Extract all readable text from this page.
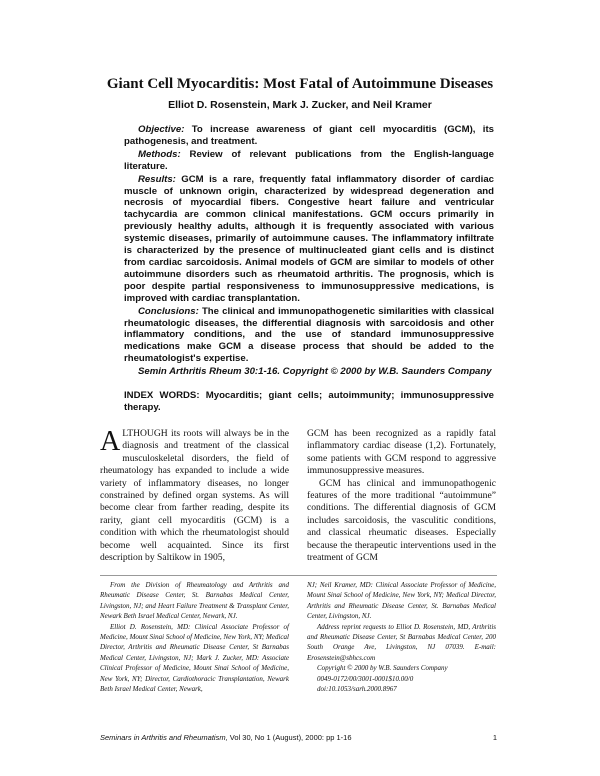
Giant Cell Myocarditis: Most Fatal of Autoimmune Diseases
Elliot D. Rosenstein, Mark J. Zucker, and Neil Kramer

Objective: To increase awareness of giant cell myocarditis (GCM), its pathogenesis, and treatment.

Methods: Review of relevant publications from the English-language literature.

Results: GCM is a rare, frequently fatal inflammatory disorder of cardiac muscle of unknown origin, characterized by widespread degeneration and necrosis of myocardial fibers. Congestive heart failure and ventricular tachycardia are common clinical manifestations. GCM occurs primarily in previously healthy adults, although it is frequently associated with various systemic diseases, primarily of autoimmune causes. The inflammatory infiltrate is characterized by the presence of multinucleated giant cells and is distinct from cardiac sarcoidosis. Animal models of GCM are similar to models of other autoimmune disorders such as rheumatoid arthritis. The prognosis, which is poor despite partial responsiveness to immunosuppressive medications, is improved with cardiac transplantation.

Conclusions: The clinical and immunopathogenetic similarities with classical rheumatologic diseases, the differential diagnosis with sarcoidosis and other inflammatory conditions, and the use of standard immunosuppressive medications make GCM a disease process that should be added to the rheumatologist's expertise.

Semin Arthritis Rheum 30:1-16. Copyright © 2000 by W.B. Saunders Company

INDEX WORDS: Myocarditis; giant cells; autoimmunity; immunosuppressive therapy.

ALTHOUGH its roots will always be in the diagnosis and treatment of the classical musculoskeletal disorders, the field of rheumatology has expanded to include a wide variety of inflammatory diseases, no longer constrained by defined organ systems. As will become clear from farther reading, despite its rarity, giant cell myocarditis (GCM) is a condition with which the rheumatologist should become well acquainted. Since its first description by Saltikow in 1905,

GCM has been recognized as a rapidly fatal inflammatory cardiac disease (1,2). Fortunately, some patients with GCM respond to aggressive immunosuppressive measures.

GCM has clinical and immunopathogenic features of the more traditional “autoimmune” conditions. The differential diagnosis of GCM includes sarcoidosis, the vasculitic conditions, and classical rheumatic diseases. Especially because the therapeutic interventions used in the treatment of GCM

From the Division of Rheumatology and Arthritis and Rheumatic Disease Center, St. Barnabas Medical Center, Livingston, NJ; and Heart Failure Treatment & Transplant Center, Newark Beth Israel Medical Center, Newark, NJ.

Elliot D. Rosenstein, MD: Clinical Associate Professor of Medicine, Mount Sinai School of Medicine, New York, NY; Medical Director, Arthritis and Rheumatic Disease Center, St Barnabas Medical Center, Livingston, NJ; Mark J. Zucker, MD: Associate Clinical Professor of Medicine, Mount Sinai School of Medicine, New York, NY; Director, Cardiothoracic Transplantation, Newark Beth Israel Medical Center, Newark,

NJ; Neil Kramer, MD: Clinical Associate Professor of Medicine, Mount Sinai School of Medicine, New York, NY; Medical Director, Arthritis and Rheumatic Disease Center, St. Barnabas Medical Center, Livingston, NJ.

Address reprint requests to Elliot D. Rosenstein, MD, Arthritis and Rheumatic Disease Center, St Barnabas Medical Center, 200 South Orange Ave, Livingston, NJ 07039. E-mail: Erosenstein@sbhcs.com

Copyright © 2000 by W.B. Saunders Company

0049-0172/00/3001-0001$10.00/0

doi:10.1053/sarh.2000.8967

Seminars in Arthritis and Rheumatism, Vol 30, No 1 (August), 2000: pp 1-16	1
